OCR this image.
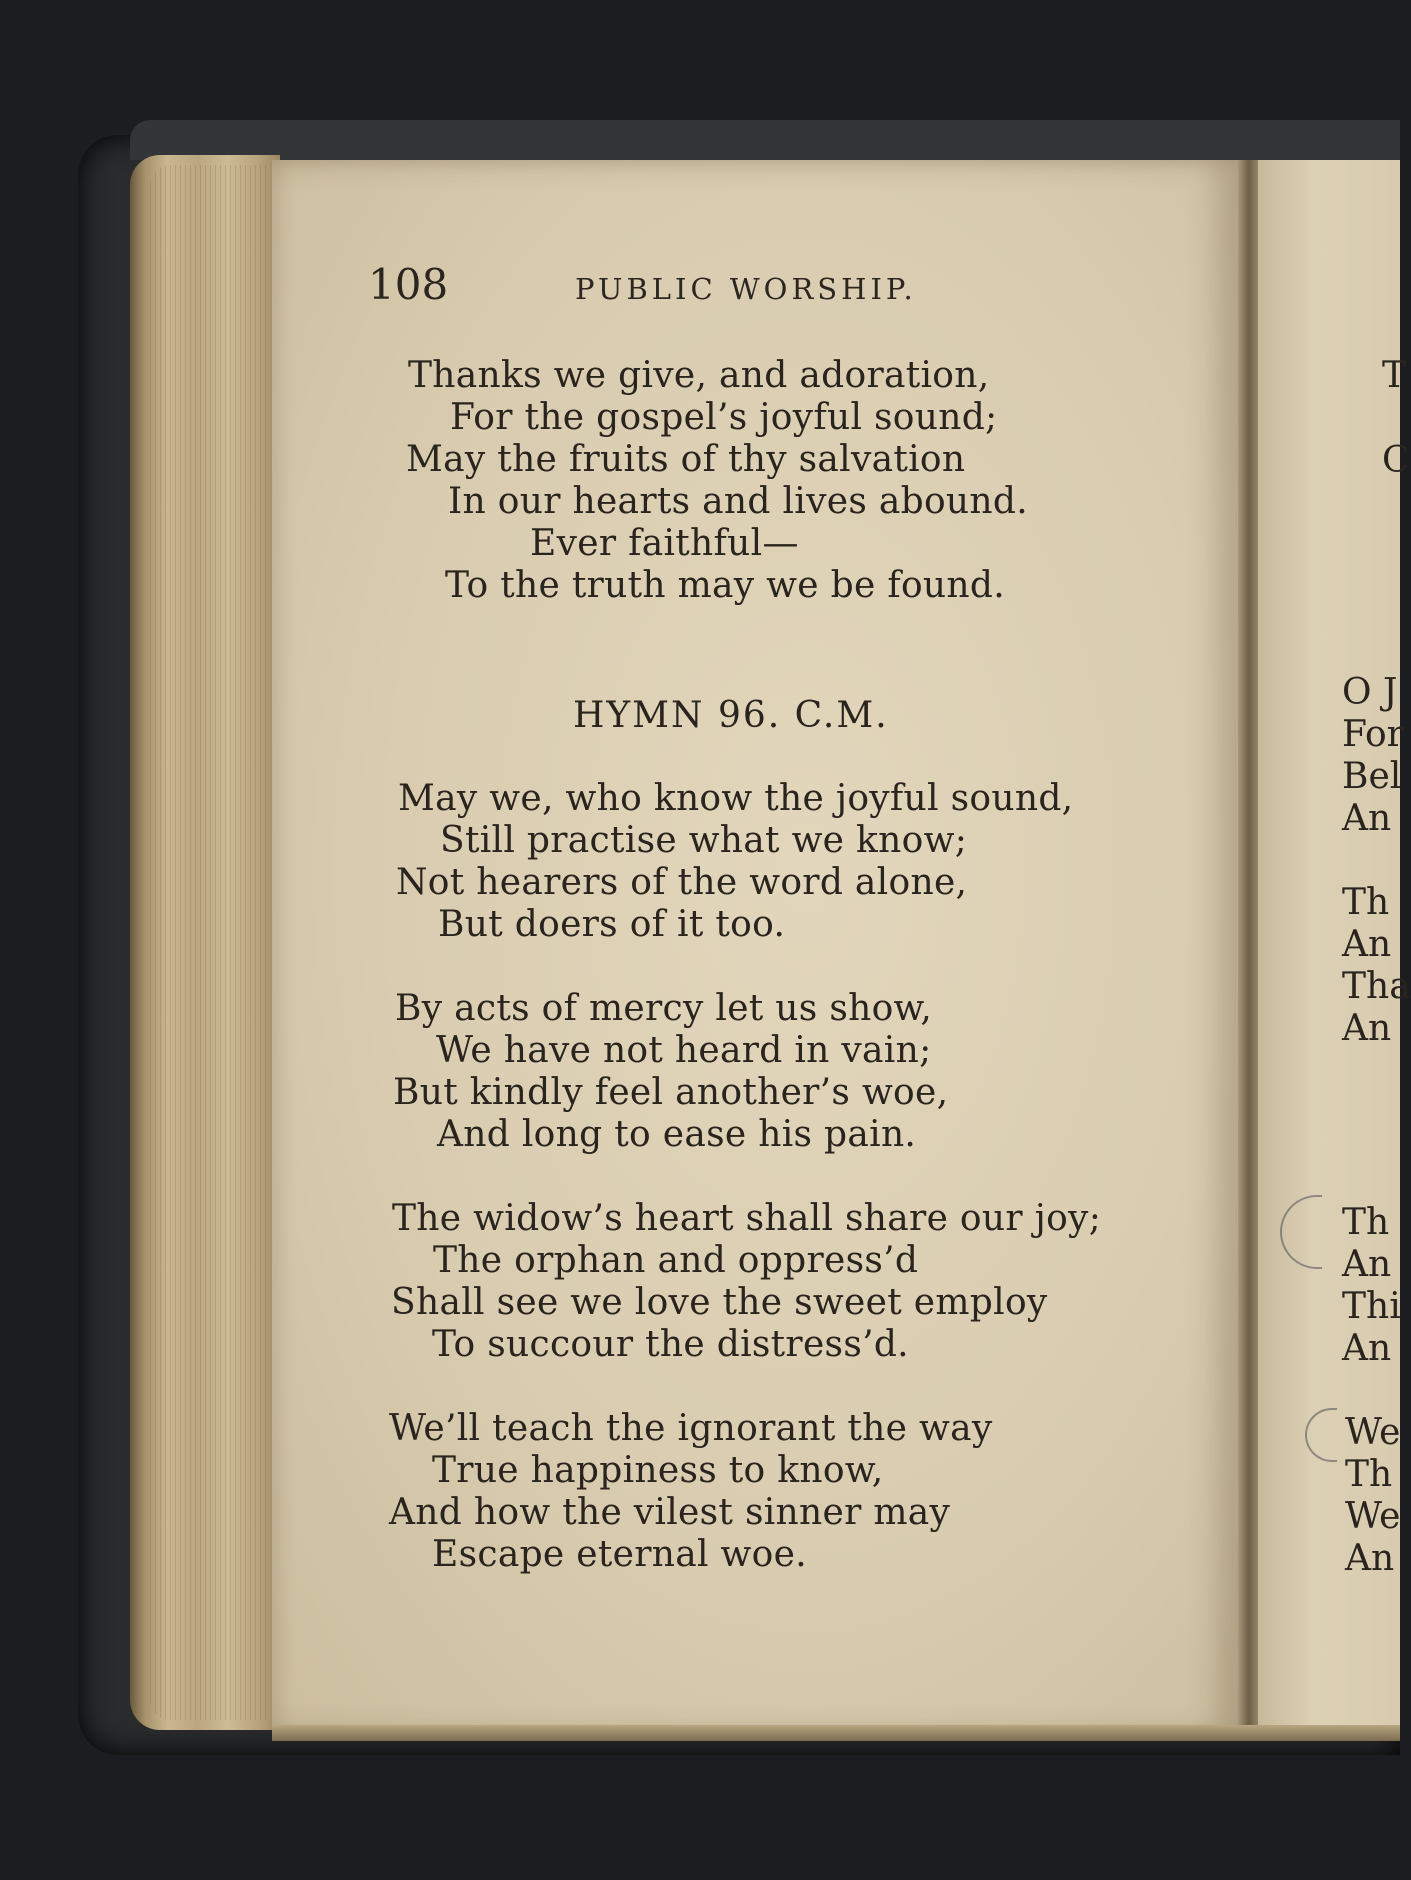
108	PUBLIC WORSHIP.
Thanks we give, and adoration,
For the gospel’s joyful sound;
May the fruits of thy salvation
In our hearts and lives abound.
Ever faithful—
To the truth may we be found.
HYMN 96. C.M.
May we, who know the joyful sound,
Still practise what we know;
Not hearers of the word alone,
But doers of it too.
By acts of mercy let us show,
We have not heard in vain;
But kindly feel another’s woe,
And long to ease his pain.
The widow’s heart shall share our joy;
The orphan and oppress’d
Shall see we love the sweet employ
To succour the distress’d.
We’ll teach the ignorant the way
True happiness to know,
And how the vilest sinner may
Escape eternal woe.
T
C
O J
For
Bel
An
Th
An
Tha
An
Th
An
Thi
An
We
Th
We
An
